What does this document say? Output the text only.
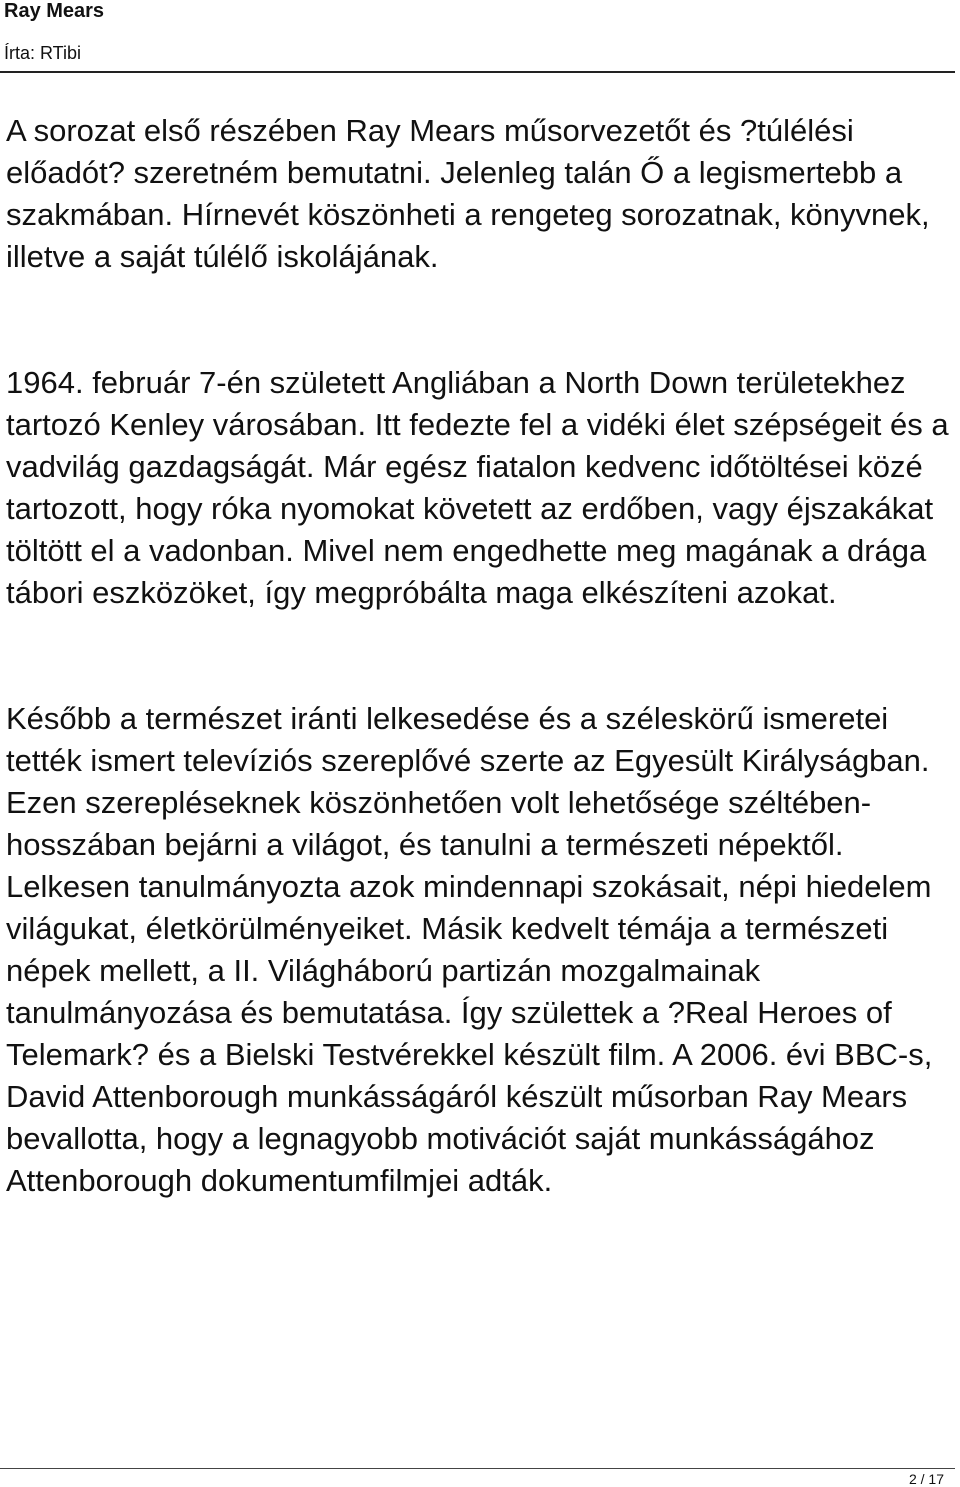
Ray Mears
Írta: RTibi

A sorozat első részében Ray Mears műsorvezetőt és ?túlélési előadót? szeretném bemutatni. Jelenleg talán Ő a legismertebb a szakmában. Hírnevét köszönheti a rengeteg sorozatnak, könyvnek, illetve a saját túlélő iskolájának.

1964. február 7-én született Angliában a North Down területekhez tartozó Kenley városában. Itt fedezte fel a vidéki élet szépségeit és a vadvilág gazdagságát. Már egész fiatalon kedvenc időtöltései közé tartozott, hogy róka nyomokat követett az erdőben, vagy éjszakákat töltött el a vadonban. Mivel nem engedhette meg magának a drága tábori eszközöket, így megpróbálta maga elkészíteni azokat.

Később a természet iránti lelkesedése és a széleskörű ismeretei tették ismert televíziós szereplővé szerte az Egyesült Királyságban. Ezen szerepléseknek köszönhetően volt lehetősége széltében-hosszában bejárni a világot, és tanulni a természeti népektől. Lelkesen tanulmányozta azok mindennapi szokásait, népi hiedelem világukat, életkörülményeiket. Másik kedvelt témája a természeti népek mellett, a II. Világháború partizán mozgalmainak tanulmányozása és bemutatása. Így születtek a ?Real Heroes of Telemark? és a Bielski Testvérekkel készült film. A 2006. évi BBC-s, David Attenborough munkásságáról készült műsorban Ray Mears bevallotta, hogy a legnagyobb motivációt saját munkásságához Attenborough dokumentumfilmjei adták.

2 / 17
